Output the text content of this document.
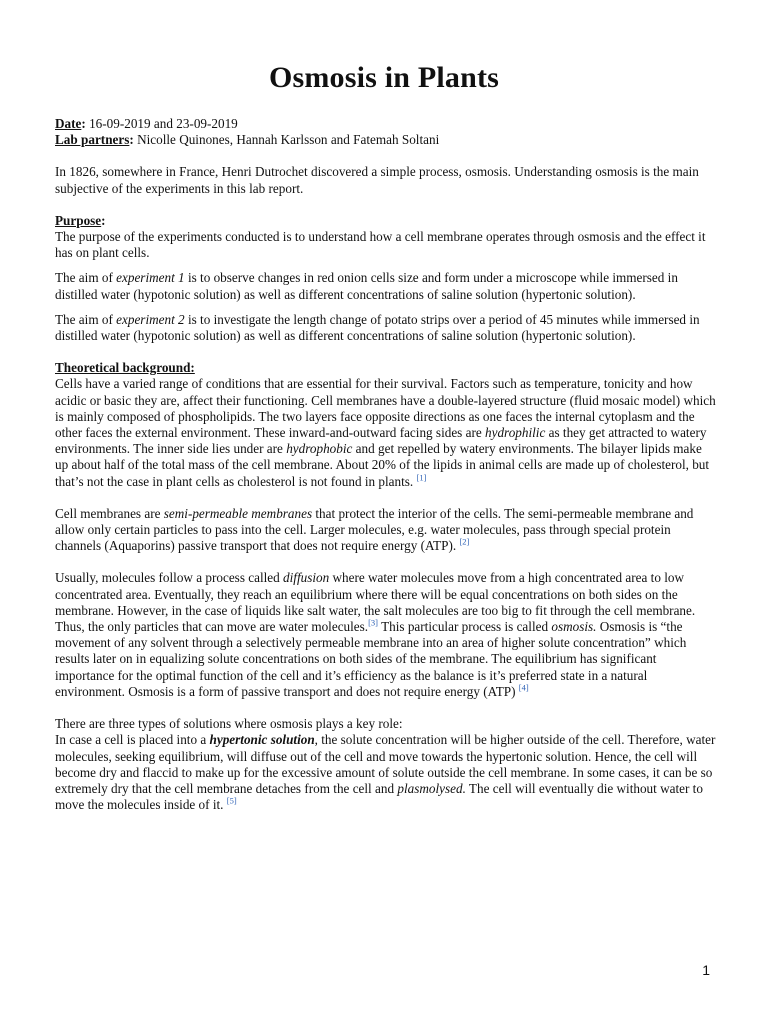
Osmosis in Plants

Date: 16-09-2019 and 23-09-2019

Lab partners: Nicolle Quinones, Hannah Karlsson and Fatemah Soltani

In 1826, somewhere in France, Henri Dutrochet discovered a simple process, osmosis. Understanding osmosis is the main subjective of the experiments in this lab report.

Purpose:

The purpose of the experiments conducted is to understand how a cell membrane operates through osmosis and the effect it has on plant cells.

The aim of experiment 1 is to observe changes in red onion cells size and form under a microscope while immersed in distilled water (hypotonic solution) as well as different concentrations of saline solution (hypertonic solution).

The aim of experiment 2 is to investigate the length change of potato strips over a period of 45 minutes while immersed in distilled water (hypotonic solution) as well as different concentrations of saline solution (hypertonic solution).

Theoretical background:

Cells have a varied range of conditions that are essential for their survival. Factors such as temperature, tonicity and how acidic or basic they are, affect their functioning. Cell membranes have a double-layered structure (fluid mosaic model) which is mainly composed of phospholipids. The two layers face opposite directions as one faces the internal cytoplasm and the other faces the external environment. These inward-and-outward facing sides are hydrophilic as they get attracted to watery environments. The inner side lies under are hydrophobic and get repelled by watery environments. The bilayer lipids make up about half of the total mass of the cell membrane. About 20% of the lipids in animal cells are made up of cholesterol, but that’s not the case in plant cells as cholesterol is not found in plants. [1]

Cell membranes are semi-permeable membranes that protect the interior of the cells. The semi-permeable membrane and allow only certain particles to pass into the cell. Larger molecules, e.g. water molecules, pass through special protein channels (Aquaporins) passive transport that does not require energy (ATP). [2]

Usually, molecules follow a process called diffusion where water molecules move from a high concentrated area to low concentrated area. Eventually, they reach an equilibrium where there will be equal concentrations on both sides on the membrane. However, in the case of liquids like salt water, the salt molecules are too big to fit through the cell membrane. Thus, the only particles that can move are water molecules.[3] This particular process is called osmosis. Osmosis is “the movement of any solvent through a selectively permeable membrane into an area of higher solute concentration” which results later on in equalizing solute concentrations on both sides of the membrane. The equilibrium has significant importance for the optimal function of the cell and it’s efficiency as the balance is it’s preferred state in a natural environment. Osmosis is a form of passive transport and does not require energy (ATP) [4]

There are three types of solutions where osmosis plays a key role:

In case a cell is placed into a hypertonic solution, the solute concentration will be higher outside of the cell. Therefore, water molecules, seeking equilibrium, will diffuse out of the cell and move towards the hypertonic solution. Hence, the cell will become dry and flaccid to make up for the excessive amount of solute outside the cell membrane. In some cases, it can be so extremely dry that the cell membrane detaches from the cell and plasmolysed. The cell will eventually die without water to move the molecules inside of it. [5]

1
